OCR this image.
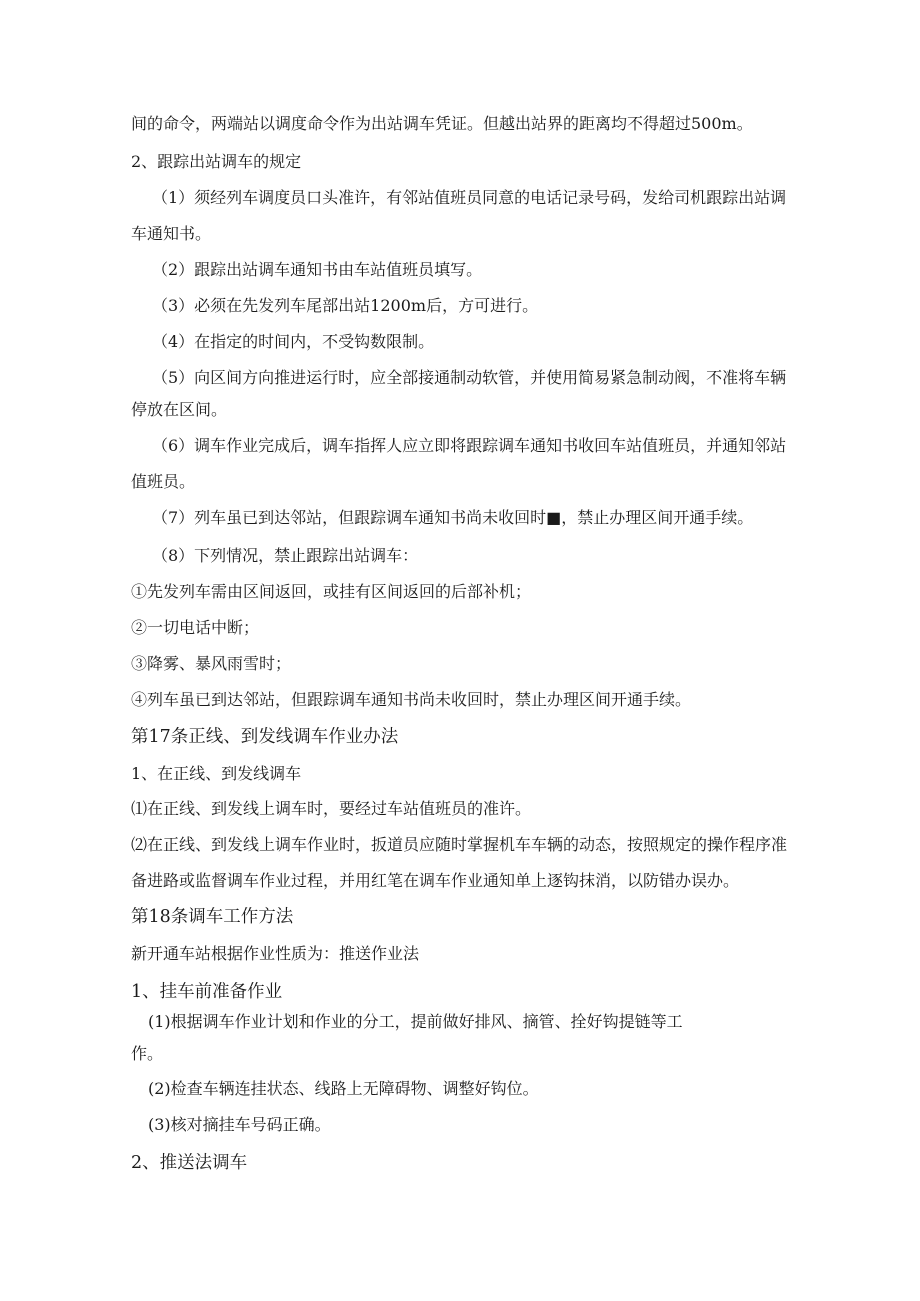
间的命令，两端站以调度命令作为出站调车凭证。但越出站界的距离均不得超过500m。
2、跟踪出站调车的规定
（1）须经列车调度员口头准许，有邻站值班员同意的电话记录号码，发给司机跟踪出站调
车通知书。
（2）跟踪出站调车通知书由车站值班员填写。
（3）必须在先发列车尾部出站1200m后，方可进行。
（4）在指定的时间内，不受钩数限制。
（5）向区间方向推进运行时，应全部接通制动软管，并使用简易紧急制动阀，不准将车辆
停放在区间。
（6）调车作业完成后，调车指挥人应立即将跟踪调车通知书收回车站值班员，并通知邻站
值班员。
（7）列车虽已到达邻站，但跟踪调车通知书尚未收回时■，禁止办理区间开通手续。
（8）下列情况，禁止跟踪出站调车：
①先发列车需由区间返回，或挂有区间返回的后部补机；
②一切电话中断；
③降雾、暴风雨雪时；
④列车虽已到达邻站，但跟踪调车通知书尚未收回时，禁止办理区间开通手续。
第17条正线、到发线调车作业办法
1、在正线、到发线调车
⑴在正线、到发线上调车时，要经过车站值班员的准许。
⑵在正线、到发线上调车作业时，扳道员应随时掌握机车车辆的动态，按照规定的操作程序准
备进路或监督调车作业过程，并用红笔在调车作业通知单上逐钩抹消，以防错办误办。
第18条调车工作方法
新开通车站根据作业性质为：推送作业法
1、挂车前准备作业
(1)根据调车作业计划和作业的分工，提前做好排风、摘管、拴好钩提链等工
作。
(2)检查车辆连挂状态、线路上无障碍物、调整好钩位。
(3)核对摘挂车号码正确。
2、推送法调车
